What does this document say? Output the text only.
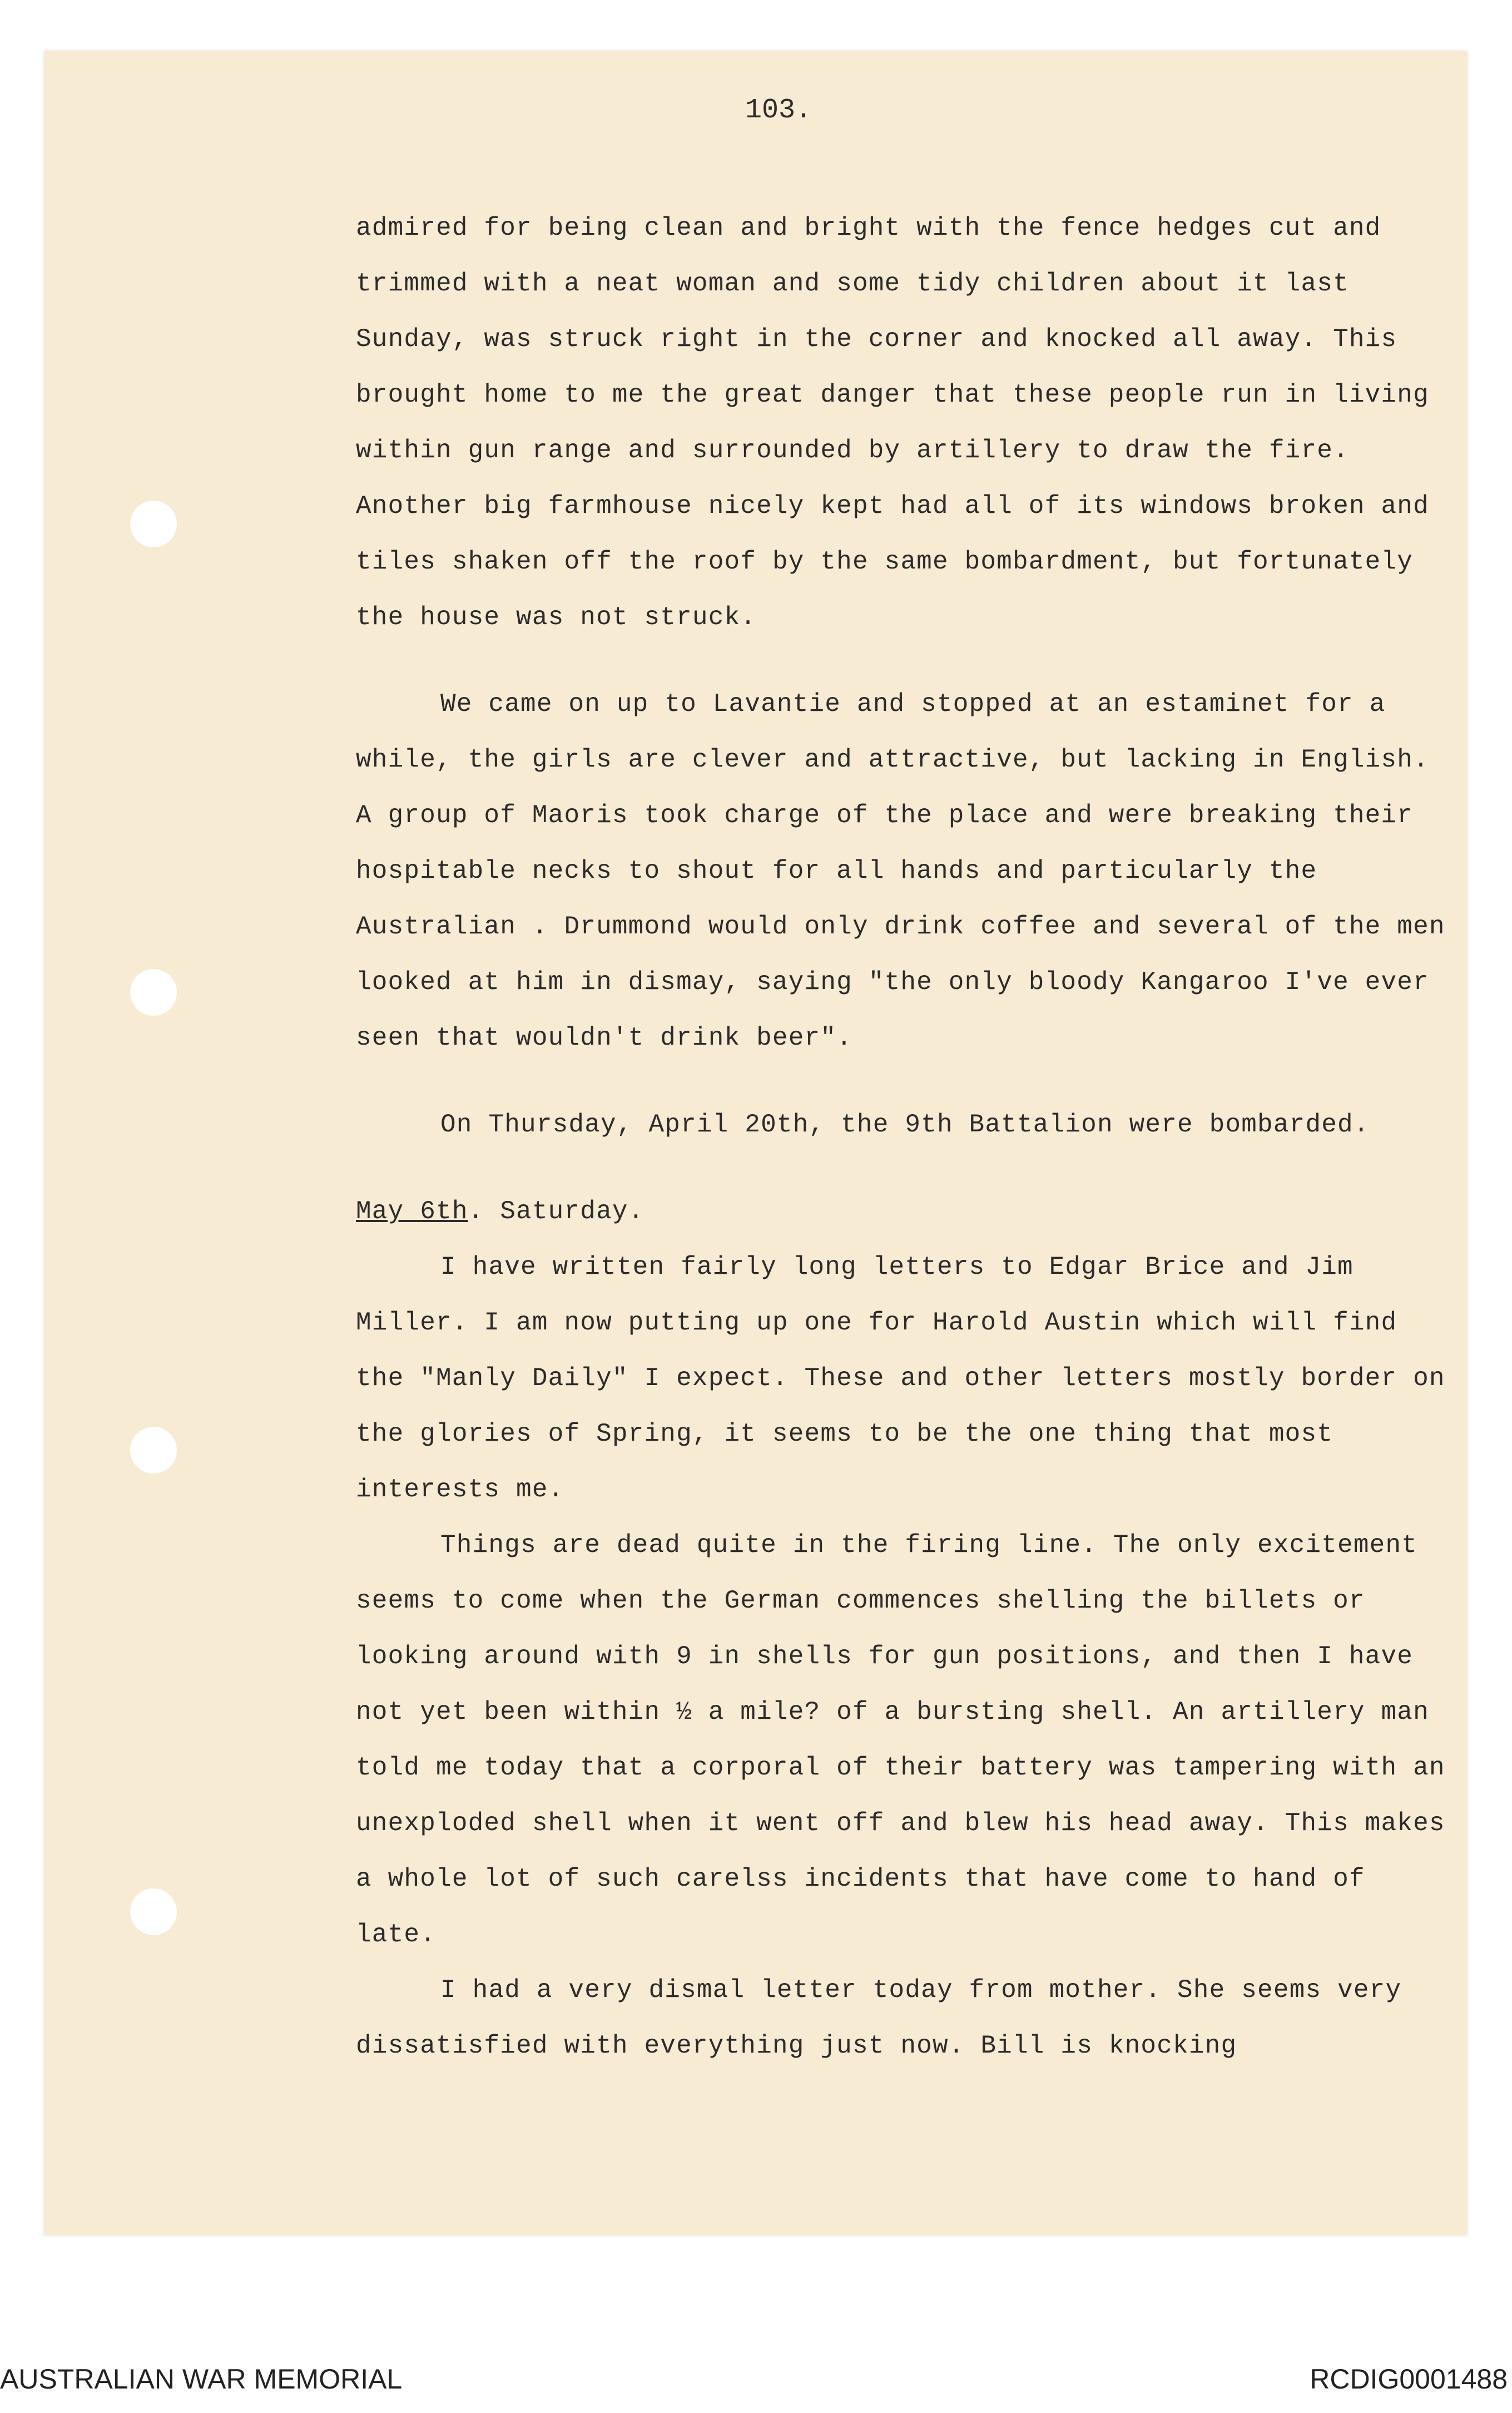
103.

admired for being clean and bright with the fence hedges cut and trimmed with a neat woman and some tidy children about it last Sunday, was struck right in the corner and knocked all away. This brought home to me the great danger that these people run in living within gun range and surrounded by artillery to draw the fire. Another big farmhouse nicely kept had all of its windows broken and tiles shaken off the roof by the same bombardment, but fortunately the house was not struck.

We came on up to Lavantie and stopped at an estaminet for a while, the girls are clever and attractive, but lacking in English. A group of Maoris took charge of the place and were breaking their hospitable necks to shout for all hands and particularly the Australian . Drummond would only drink coffee and several of the men looked at him in dismay, saying "the only bloody Kangaroo I've ever seen that wouldn't drink beer".

On Thursday, April 20th, the 9th Battalion were bombarded.

May 6th. Saturday.

I have written fairly long letters to Edgar Brice and Jim Miller. I am now putting up one for Harold Austin which will find the "Manly Daily" I expect. These and other letters mostly border on the glories of Spring, it seems to be the one thing that most interests me.

Things are dead quite in the firing line. The only excitement seems to come when the German commences shelling the billets or looking around with 9 in shells for gun positions, and then I have not yet been within ½ a mile? of a bursting shell. An artillery man told me today that a corporal of their battery was tampering with an unexploded shell when it went off and blew his head away. This makes a whole lot of such carelss incidents that have come to hand of late.

I had a very dismal letter today from mother. She seems very dissatisfied with everything just now. Bill is knocking

AUSTRALIAN WAR MEMORIAL	RCDIG0001488
